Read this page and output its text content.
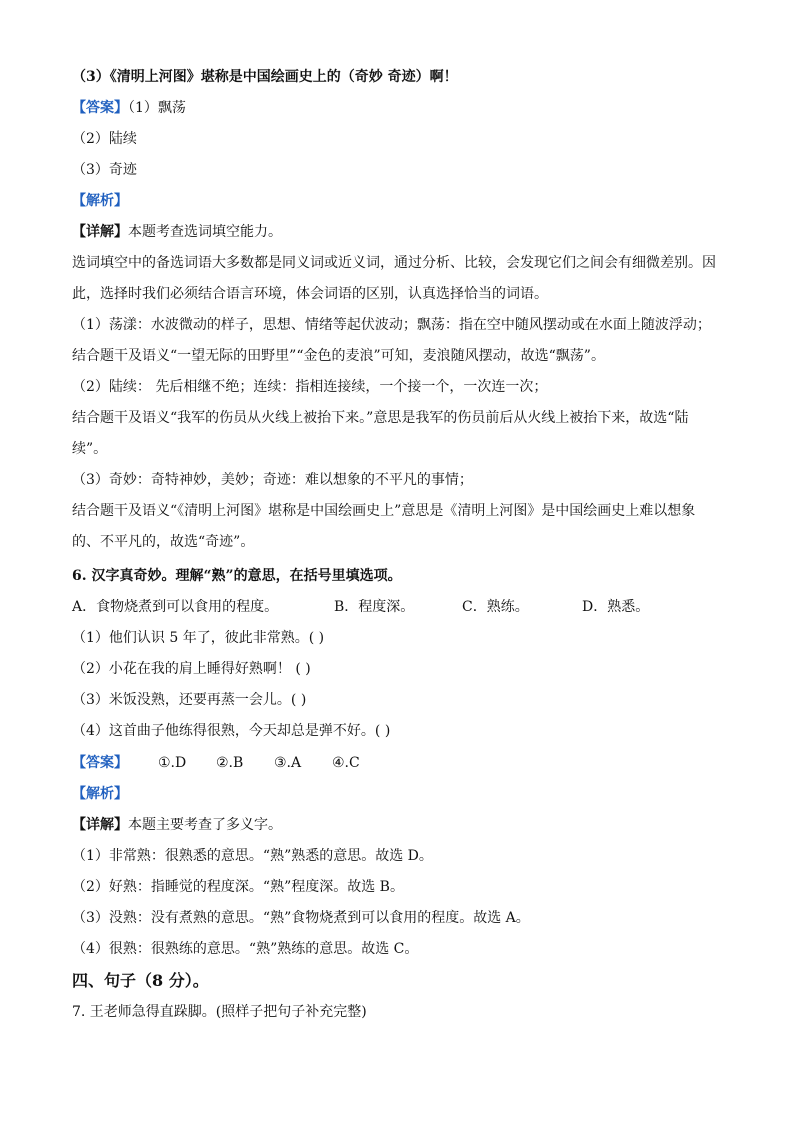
（3）《清明上河图》堪称是中国绘画史上的（奇妙 奇迹）啊！
【答案】（1）飘荡
（2）陆续
（3）奇迹
【解析】
【详解】本题考查选词填空能力。
选词填空中的备选词语大多数都是同义词或近义词，通过分析、比较，会发现它们之间会有细微差别。因
此，选择时我们必须结合语言环境，体会词语的区别，认真选择恰当的词语。
（1）荡漾：水波微动的样子，思想、情绪等起伏波动；飘荡：指在空中随风摆动或在水面上随波浮动；
结合题干及语义“一望无际的田野里”“金色的麦浪”可知，麦浪随风摆动，故选“飘荡”。
（2）陆续： 先后相继不绝；连续：指相连接续，一个接一个，一次连一次；
结合题干及语义“我军的伤员从火线上被抬下来。”意思是我军的伤员前后从火线上被抬下来，故选“陆
续”。
（3）奇妙：奇特神妙，美妙；奇迹：难以想象的不平凡的事情；
结合题干及语义“《清明上河图》堪称是中国绘画史上”意思是《清明上河图》是中国绘画史上难以想象
的、不平凡的，故选“奇迹”。
6. 汉字真奇妙。理解“熟”的意思，在括号里填选项。
A．食物烧煮到可以食用的程度。	B．程度深。	C．熟练。	D．熟悉。
（1）他们认识 5 年了，彼此非常熟。( )
（2）小花在我的肩上睡得好熟啊！ ( )
（3）米饭没熟，还要再蒸一会儿。( )
（4）这首曲子他练得很熟，今天却总是弹不好。( )
【答案】 ①.D ②.B ③.A ④.C
【解析】
【详解】本题主要考查了多义字。
（1）非常熟：很熟悉的意思。“熟”熟悉的意思。故选 D。
（2）好熟：指睡觉的程度深。“熟”程度深。故选 B。
（3）没熟：没有煮熟的意思。“熟”食物烧煮到可以食用的程度。故选 A。
（4）很熟：很熟练的意思。“熟”熟练的意思。故选 C。
四、句子（8 分）。
7. 王老师急得直跺脚。(照样子把句子补充完整)
